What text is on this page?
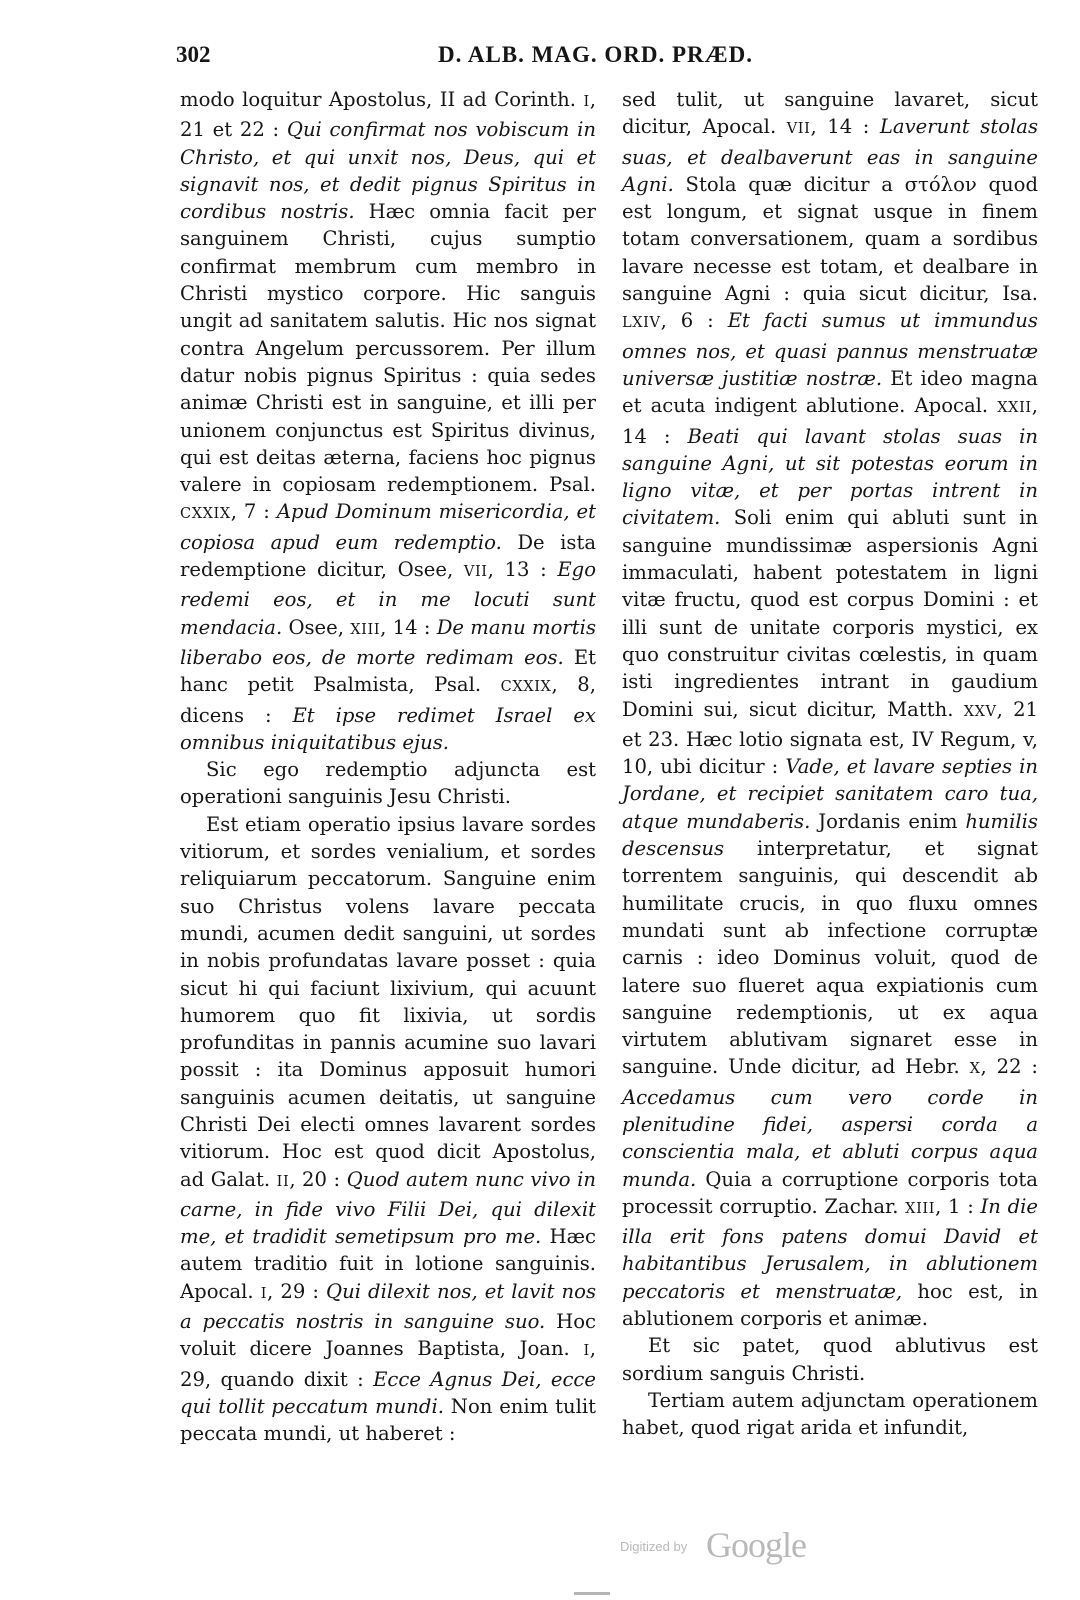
302	D. ALB. MAG. ORD. PRÆD.

modo loquitur Apostolus, II ad Corinth. I, 21 et 22 : Qui confirmat nos vobiscum in Christo, et qui unxit nos, Deus, qui et signavit nos, et dedit pignus Spiritus in cordibus nostris. Hæc omnia facit per sanguinem Christi, cujus sumptio confirmat membrum cum membro in Christi mystico corpore. Hic sanguis ungit ad sanitatem salutis. Hic nos signat contra Angelum percussorem. Per illum datur nobis pignus Spiritus : quia sedes animæ Christi est in sanguine, et illi per unionem conjunctus est Spiritus divinus, qui est deitas æterna, faciens hoc pignus valere in copiosam redemptionem. Psal. CXXIX, 7 : Apud Dominum misericordia, et copiosa apud eum redemptio. De ista redemptione dicitur, Osee, VII, 13 : Ego redemi eos, et in me locuti sunt mendacia. Osee, XIII, 14 : De manu mortis liberabo eos, de morte redimam eos. Et hanc petit Psalmista, Psal. CXXIX, 8, dicens : Et ipse redimet Israel ex omnibus iniquitatibus ejus.

Sic ego redemptio adjuncta est operationi sanguinis Jesu Christi.

Est etiam operatio ipsius lavare sordes vitiorum, et sordes venialium, et sordes reliquiarum peccatorum. Sanguine enim suo Christus volens lavare peccata mundi, acumen dedit sanguini, ut sordes in nobis profundatas lavare posset : quia sicut hi qui faciunt lixivium, qui acuunt humorem quo fit lixivia, ut sordis profunditas in pannis acumine suo lavari possit : ita Dominus apposuit humori sanguinis acumen deitatis, ut sanguine Christi Dei electi omnes lavarent sordes vitiorum. Hoc est quod dicit Apostolus, ad Galat. II, 20 : Quod autem nunc vivo in carne, in fide vivo Filii Dei, qui dilexit me, et tradidit semetipsum pro me. Hæc autem traditio fuit in lotione sanguinis. Apocal. I, 29 : Qui dilexit nos, et lavit nos a peccatis nostris in sanguine suo. Hoc voluit dicere Joannes Baptista, Joan. I, 29, quando dixit : Ecce Agnus Dei, ecce qui tollit peccatum mundi. Non enim tulit peccata mundi, ut haberet :

sed tulit, ut sanguine lavaret, sicut dicitur, Apocal. VII, 14 : Laverunt stolas suas, et dealbaverunt eas in sanguine Agni. Stola quæ dicitur a στόλον quod est longum, et signat usque in finem totam conversationem, quam a sordibus lavare necesse est totam, et dealbare in sanguine Agni : quia sicut dicitur, Isa. LXIV, 6 : Et facti sumus ut immundus omnes nos, et quasi pannus menstruatæ universæ justitiæ nostræ. Et ideo magna et acuta indigent ablutione. Apocal. XXII, 14 : Beati qui lavant stolas suas in sanguine Agni, ut sit potestas eorum in ligno vitæ, et per portas intrent in civitatem. Soli enim qui abluti sunt in sanguine mundissimæ aspersionis Agni immaculati, habent potestatem in ligni vitæ fructu, quod est corpus Domini : et illi sunt de unitate corporis mystici, ex quo construitur civitas cœlestis, in quam isti ingredientes intrant in gaudium Domini sui, sicut dicitur, Matth. XXV, 21 et 23. Hæc lotio signata est, IV Regum, v, 10, ubi dicitur : Vade, et lavare septies in Jordane, et recipiet sanitatem caro tua, atque mundaberis. Jordanis enim humilis descensus interpretatur, et signat torrentem sanguinis, qui descendit ab humilitate crucis, in quo fluxu omnes mundati sunt ab infectione corruptæ carnis : ideo Dominus voluit, quod de latere suo flueret aqua expiationis cum sanguine redemptionis, ut ex aqua virtutem ablutivam signaret esse in sanguine. Unde dicitur, ad Hebr. X, 22 : Accedamus cum vero corde in plenitudine fidei, aspersi corda a conscientia mala, et abluti corpus aqua munda. Quia a corruptione corporis tota processit corruptio. Zachar. XIII, 1 : In die illa erit fons patens domui David et habitantibus Jerusalem, in ablutionem peccatoris et menstruatæ, hoc est, in ablutionem corporis et animæ.

Et sic patet, quod ablutivus est sordium sanguis Christi.

Tertiam autem adjunctam operationem habet, quod rigat arida et infundit,

Digitized by Google
